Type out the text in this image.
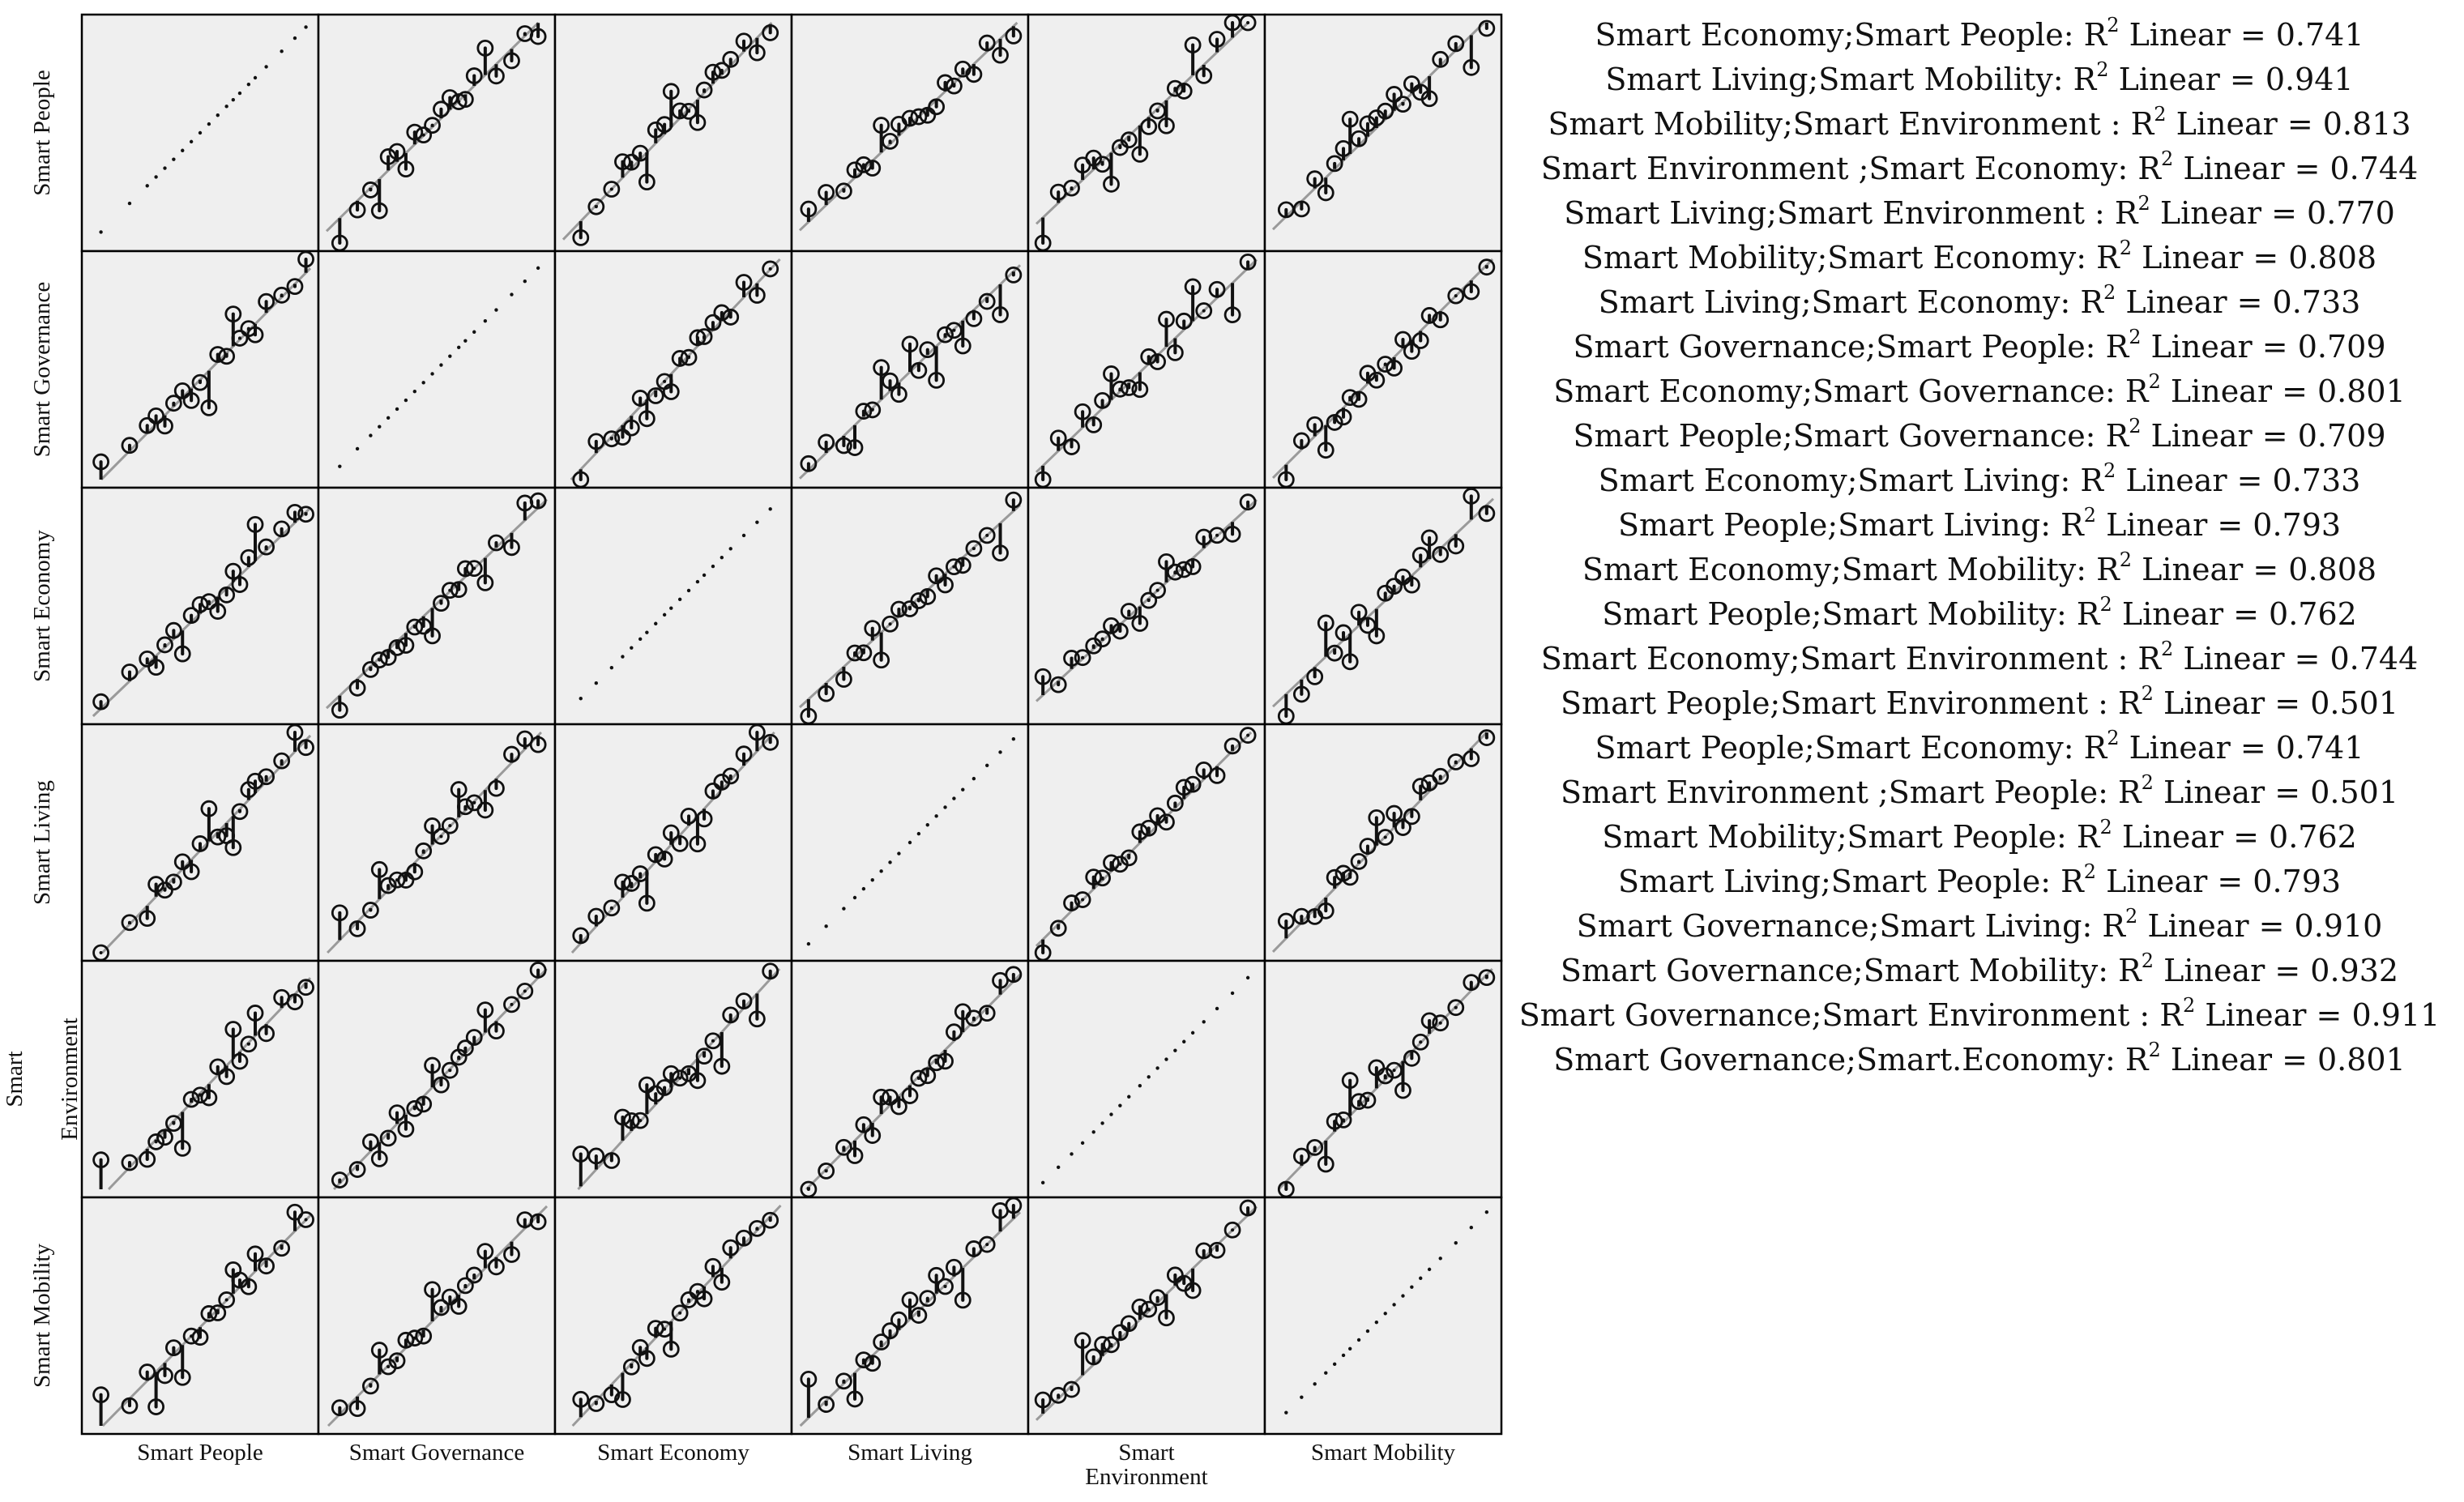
Smart People
Smart Governance
Smart Economy
Smart Living
Smart Environment
Smart Mobility
Smart People	Smart Governance	Smart Economy	Smart Living	Smart
Environment
Smart Mobility
Smart Economy;Smart People: $R^2$ Linear = 0.741
Smart Living;Smart Mobility: $R^2$ Linear = 0.941
Smart Mobility;Smart Environment : $R^2$ Linear = 0.813
Smart Environment ;Smart Economy: $R^2$ Linear = 0.744
Smart Living;Smart Environment : $R^2$ Linear = 0.770
Smart Mobility;Smart Economy: $R^2$ Linear = 0.808
Smart Living;Smart Economy: $R^2$ Linear = 0.733
Smart Governance;Smart People: $R^2$ Linear = 0.709
Smart Economy;Smart Governance: $R^2$ Linear = 0.801
Smart People;Smart Governance: $R^2$ Linear = 0.709
Smart Economy;Smart Living: $R^2$ Linear = 0.733
Smart People;Smart Living: $R^2$ Linear = 0.793
Smart Economy;Smart Mobility: $R^2$ Linear = 0.808
Smart People;Smart Mobility: $R^2$ Linear = 0.762
Smart Economy;Smart Environment : $R^2$ Linear = 0.744
Smart People;Smart Environment : $R^2$ Linear = 0.501
Smart People;Smart Economy: $R^2$ Linear = 0.741
Smart Environment ;Smart People: $R^2$ Linear = 0.501
Smart Mobility;Smart People: $R^2$ Linear = 0.762
Smart Living;Smart People: $R^2$ Linear = 0.793
Smart Governance;Smart Living: $R^2$ Linear = 0.910
Smart Governance;Smart Mobility: $R^2$ Linear = 0.932
Smart Governance;Smart Environment : $R^2$ Linear = 0.911
Smart Governance;Smart.Economy: $R^2$ Linear = 0.801
